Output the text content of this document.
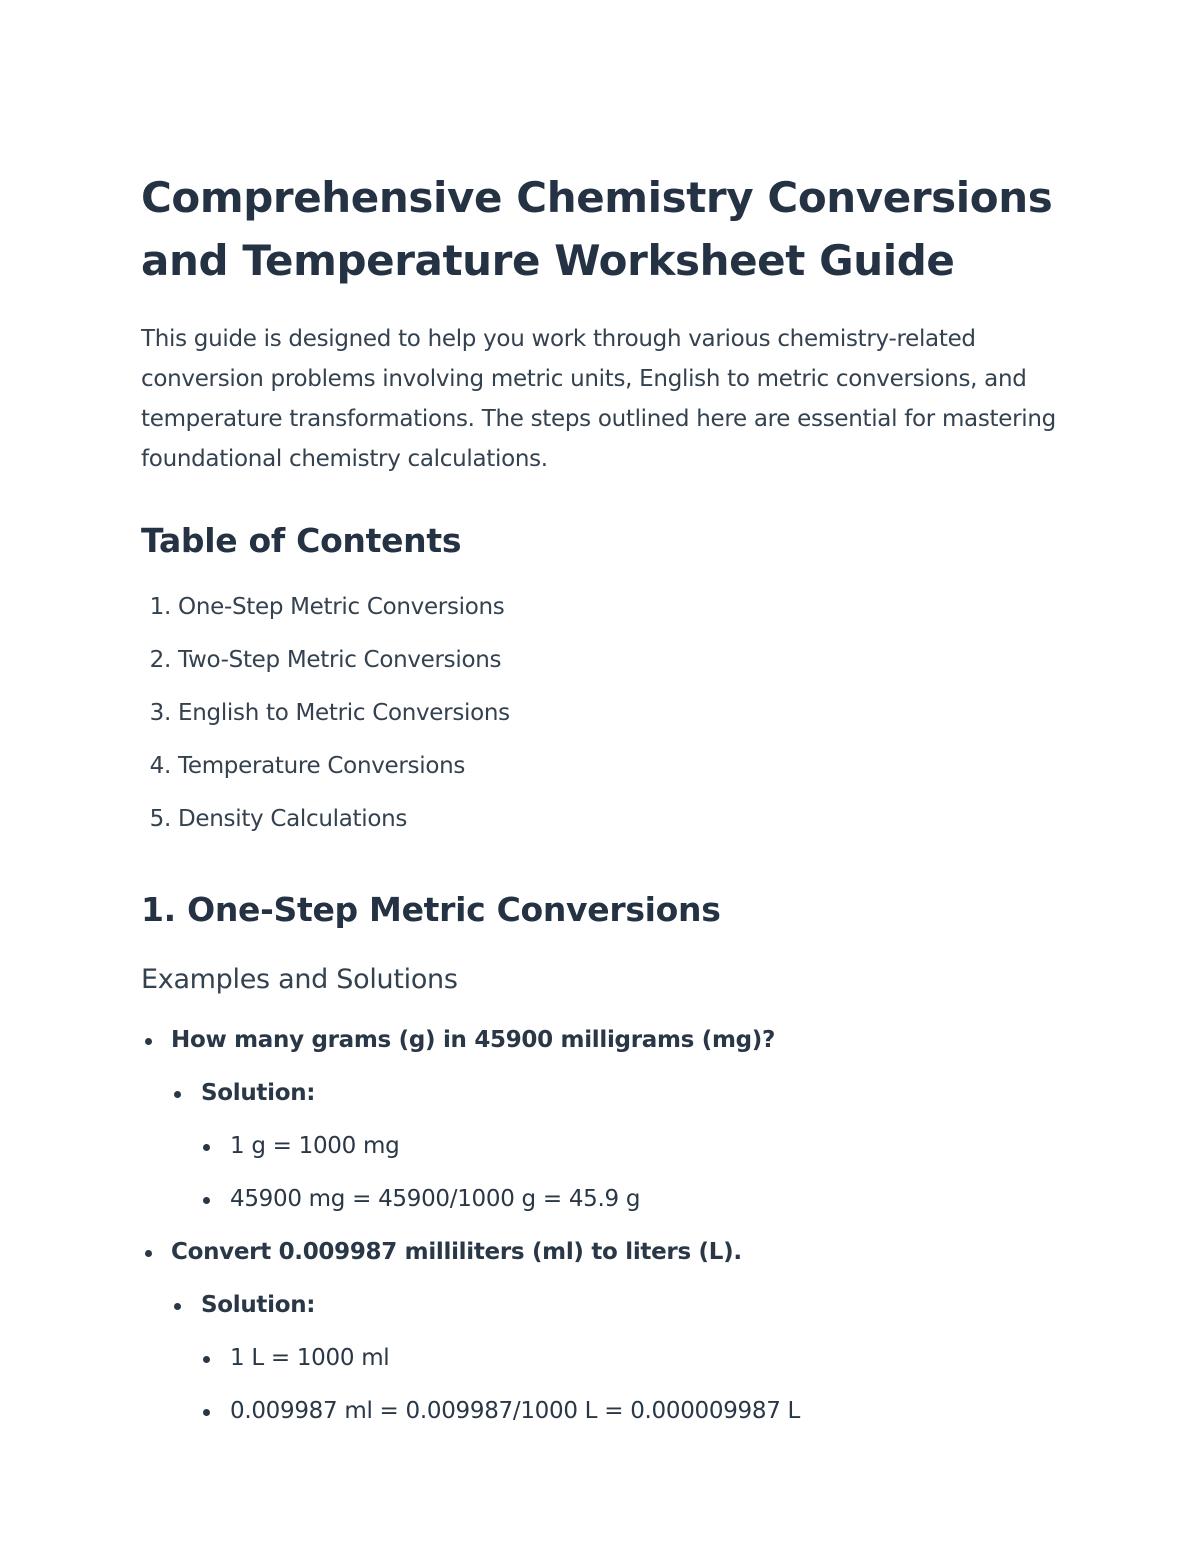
Comprehensive Chemistry Conversions and Temperature Worksheet Guide

This guide is designed to help you work through various chemistry-related conversion problems involving metric units, English to metric conversions, and temperature transformations. The steps outlined here are essential for mastering foundational chemistry calculations.

Table of Contents
1.
One-Step Metric Conversions
2.
Two-Step Metric Conversions
3.
English to Metric Conversions
4.
Temperature Conversions
5.
Density Calculations
1. One-Step Metric Conversions
Examples and Solutions
How many grams (g) in 45900 milligrams (mg)?
Solution:
1 g = 1000 mg
45900 mg = 45900/1000 g = 45.9 g
Convert 0.009987 milliliters (ml) to liters (L).
Solution:
1 L = 1000 ml
0.009987 ml = 0.009987/1000 L = 0.000009987 L
